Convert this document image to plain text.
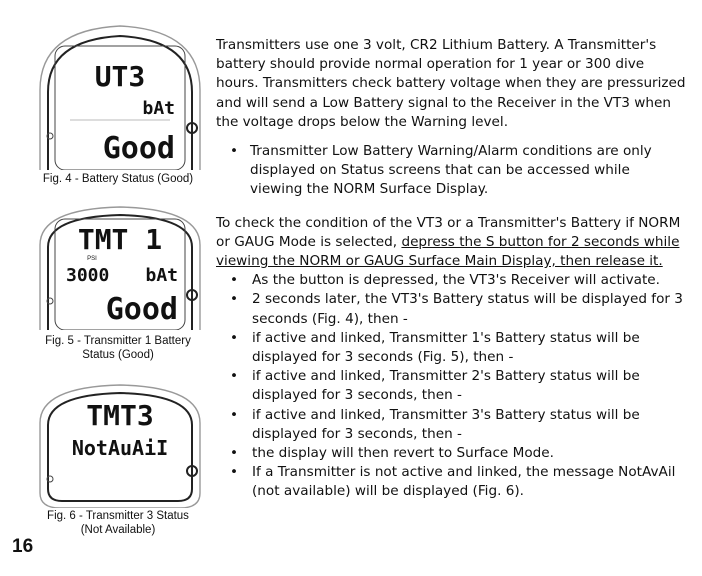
UT3
bAt
Good
Fig. 4 - Battery Status (Good)
TMT 1
PSI
3000 bAt
Good
Fig. 5 - Transmitter 1 Battery
Status (Good)
TMT3
NotAuAiI
Fig. 6 - Transmitter 3 Status
(Not Available)

Transmitters use one 3 volt, CR2 Lithium Battery. A Transmitter's battery should provide normal operation for 1 year or 300 dive hours. Transmitters check battery voltage when they are pressurized and will send a Low Battery signal to the Receiver in the VT3 when the voltage drops below the Warning level.

• Transmitter Low Battery Warning/Alarm conditions are only displayed on Status screens that can be accessed while viewing the NORM Surface Display.

To check the condition of the VT3 or a Transmitter's Battery if NORM or GAUG Mode is selected, depress the S button for 2 seconds while viewing the NORM or GAUG Surface Main Display, then release it.

• As the button is depressed, the VT3's Receiver will activate.
• 2 seconds later, the VT3's Battery status will be displayed for 3 seconds (Fig. 4), then -
• if active and linked, Transmitter 1's Battery status will be displayed for 3 seconds (Fig. 5), then -
• if active and linked, Transmitter 2's Battery status will be displayed for 3 seconds, then -
• if active and linked, Transmitter 3's Battery status will be displayed for 3 seconds, then -
• the display will then revert to Surface Mode.
• If a Transmitter is not active and linked, the message NotAvAil (not available) will be displayed (Fig. 6).
16
